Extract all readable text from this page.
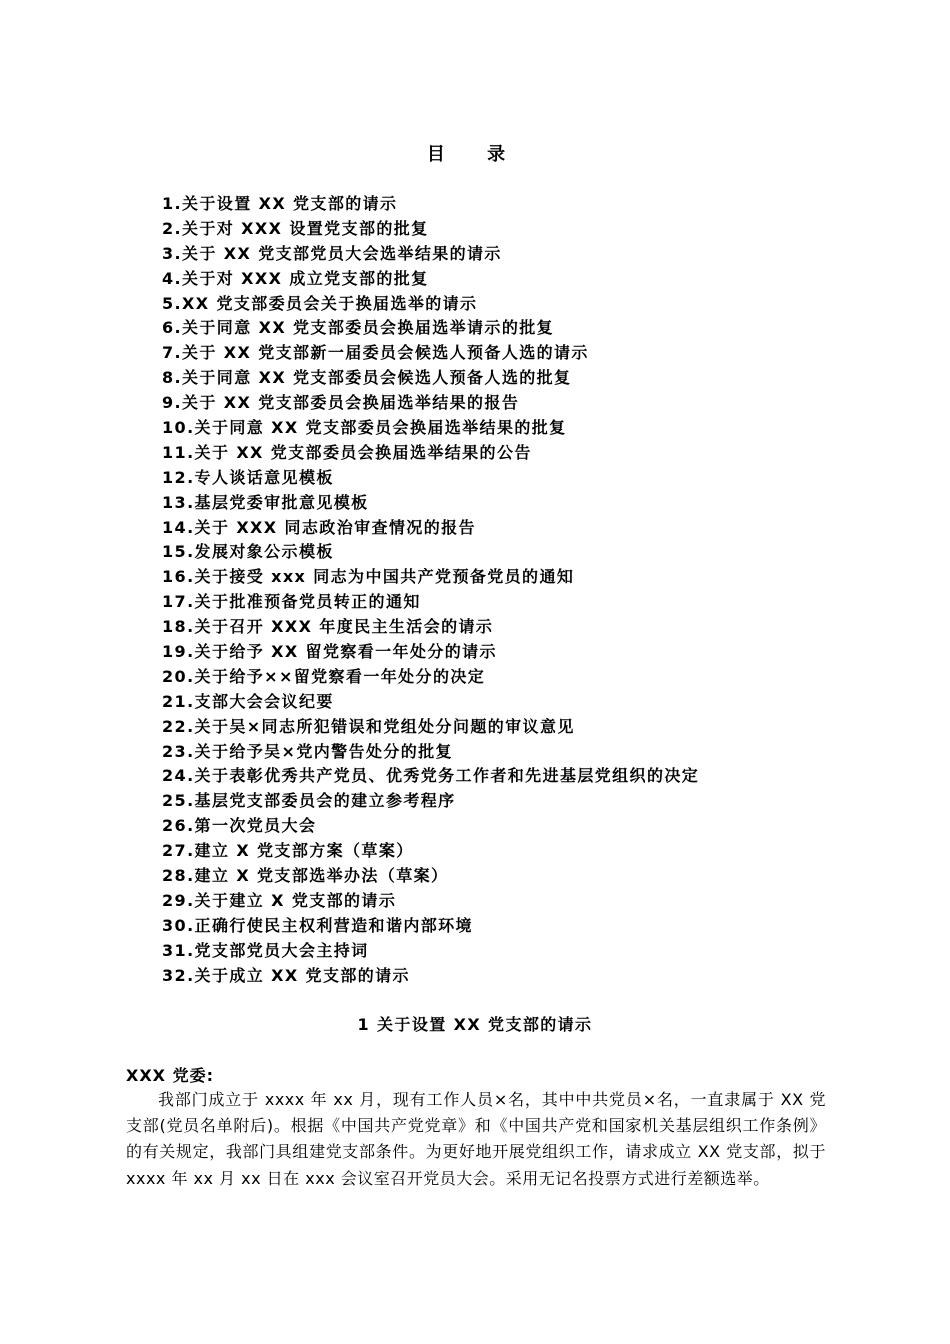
目 录
1.关于设置 XX 党支部的请示
2.关于对 XXX 设置党支部的批复
3.关于 XX 党支部党员大会选举结果的请示
4.关于对 XXX 成立党支部的批复
5.XX 党支部委员会关于换届选举的请示
6.关于同意 XX 党支部委员会换届选举请示的批复
7.关于 XX 党支部新一届委员会候选人预备人选的请示
8.关于同意 XX 党支部委员会候选人预备人选的批复
9.关于 XX 党支部委员会换届选举结果的报告
10.关于同意 XX 党支部委员会换届选举结果的批复
11.关于 XX 党支部委员会换届选举结果的公告
12.专人谈话意见模板
13.基层党委审批意见模板
14.关于 XXX 同志政治审查情况的报告
15.发展对象公示模板
16.关于接受 xxx 同志为中国共产党预备党员的通知
17.关于批准预备党员转正的通知
18.关于召开 XXX 年度民主生活会的请示
19.关于给予 XX 留党察看一年处分的请示
20.关于给予××留党察看一年处分的决定
21.支部大会会议纪要
22.关于吴×同志所犯错误和党组处分问题的审议意见
23.关于给予吴×党内警告处分的批复
24.关于表彰优秀共产党员、优秀党务工作者和先进基层党组织的决定
25.基层党支部委员会的建立参考程序
26.第一次党员大会
27.建立 X 党支部方案（草案）
28.建立 X 党支部选举办法（草案）
29.关于建立 X 党支部的请示
30.正确行使民主权利营造和谐内部环境
31.党支部党员大会主持词
32.关于成立 XX 党支部的请示
1 关于设置 XX 党支部的请示
XXX 党委:

我部门成立于 xxxx 年 xx 月，现有工作人员×名，其中中共党员×名，一直隶属于 XX 党支部(党员名单附后)。根据《中国共产党党章》和《中国共产党和国家机关基层组织工作条例》的有关规定，我部门具组建党支部条件。为更好地开展党组织工作，请求成立 XX 党支部，拟于 xxxx 年 xx 月 xx 日在 xxx 会议室召开党员大会。采用无记名投票方式进行差额选举。
